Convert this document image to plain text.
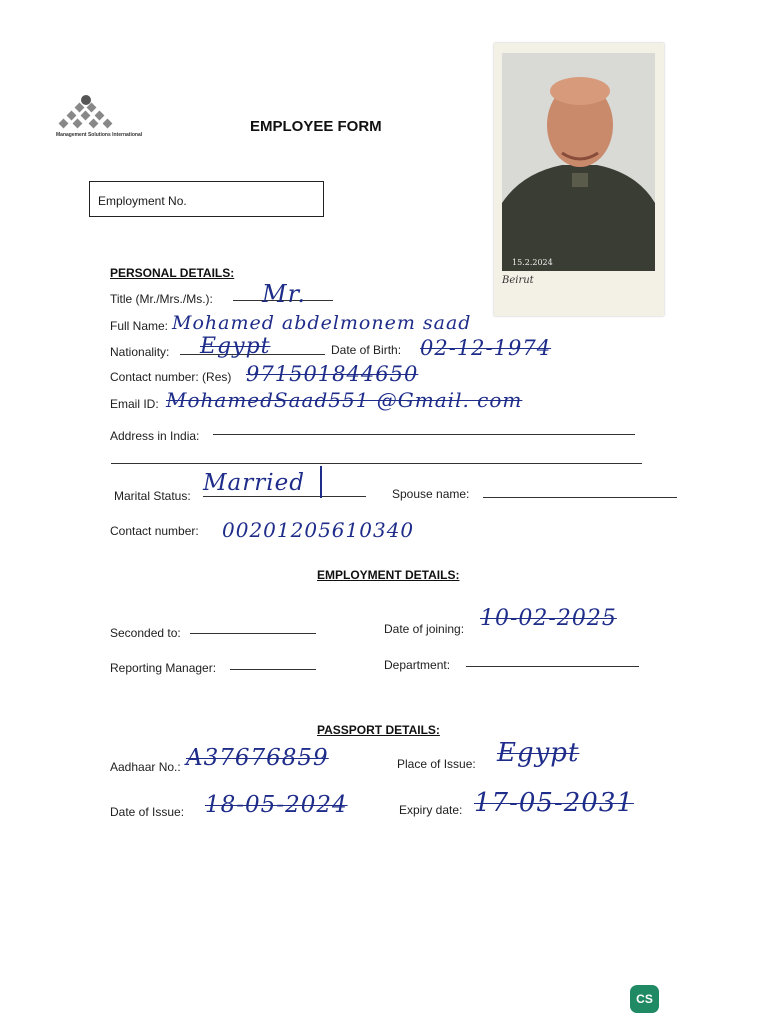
Management Solutions International	EMPLOYEE FORM
Employment No.
15.2.2024
Beirut
PERSONAL DETAILS:
Title (Mr./Mrs./Ms.): Mr.
Full Name: Mohamed abdelmonem saad
Nationality: Egypt	Date of Birth: 02-12-1974
Contact number: (Res) 971501844650
Email ID: MohamedSaad551 @Gmail. com
Address in India:
Marital Status: Married	Spouse name:
Contact number: 00201205610340
EMPLOYMENT DETAILS:
Seconded to:	Date of joining: 10-02-2025
Reporting Manager:	Department:
PASSPORT DETAILS:
Aadhaar No.: A37676859	Place of Issue: Egypt
Date of Issue: 18-05-2024	Expiry date: 17-05-2031
CS
